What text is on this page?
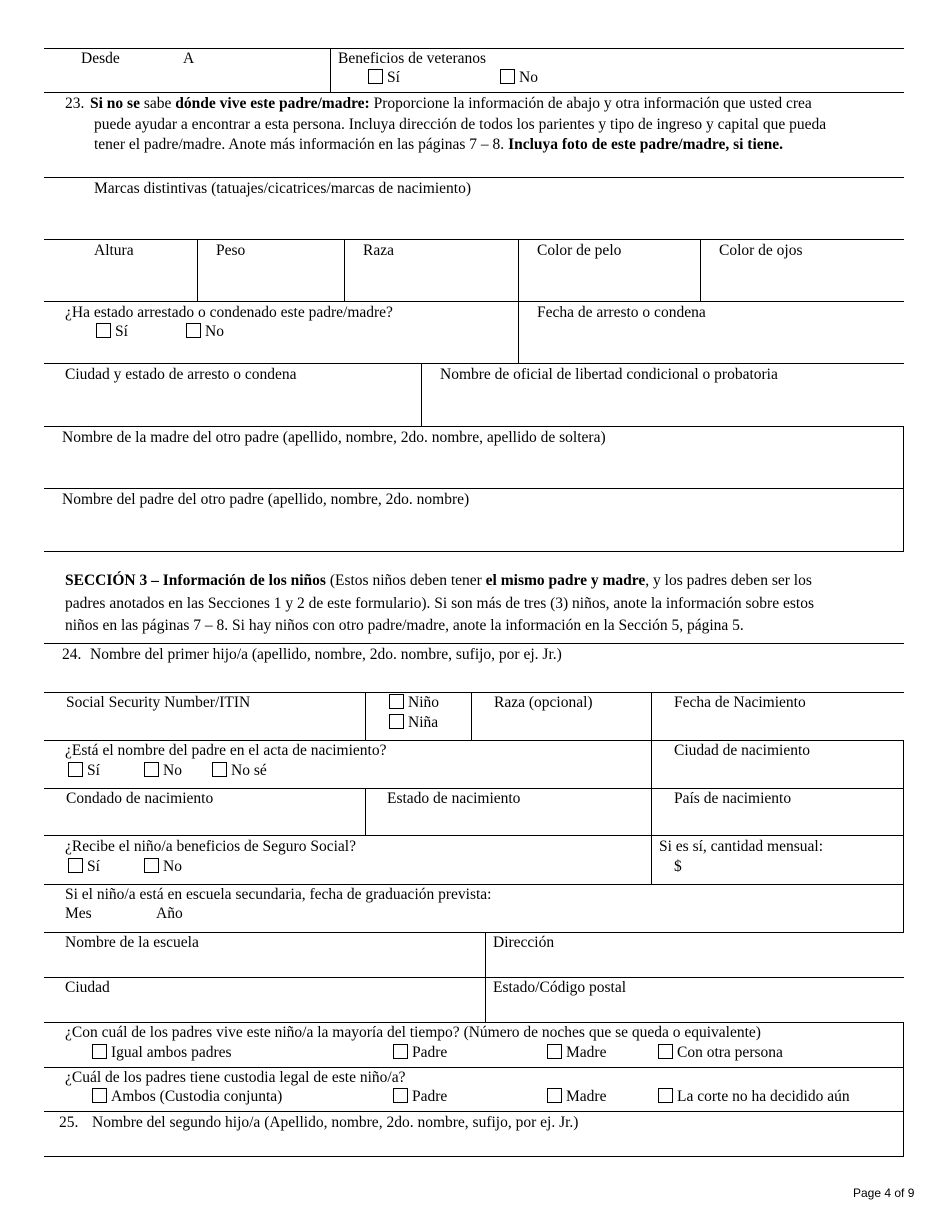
Desde	A	Beneficios de veteranos
Sí	No
23. Si no se sabe dónde vive este padre/madre: Proporcione la información de abajo y otra información que usted crea
puede ayudar a encontrar a esta persona. Incluya dirección de todos los parientes y tipo de ingreso y capital que pueda
tener el padre/madre. Anote más información en las páginas 7 – 8. Incluya foto de este padre/madre, si tiene.
Marcas distintivas (tatuajes/cicatrices/marcas de nacimiento)
Altura	Peso	Raza	Color de pelo	Color de ojos
¿Ha estado arrestado o condenado este padre/madre?
Sí	No
Fecha de arresto o condena
Ciudad y estado de arresto o condena	Nombre de oficial de libertad condicional o probatoria
Nombre de la madre del otro padre (apellido, nombre, 2do. nombre, apellido de soltera)
Nombre del padre del otro padre (apellido, nombre, 2do. nombre)
SECCIÓN 3 – Información de los niños (Estos niños deben tener el mismo padre y madre, y los padres deben ser los
padres anotados en las Secciones 1 y 2 de este formulario). Si son más de tres (3) niños, anote la información sobre estos
niños en las páginas 7 – 8. Si hay niños con otro padre/madre, anote la información en la Sección 5, página 5.
24. Nombre del primer hijo/a (apellido, nombre, 2do. nombre, sufijo, por ej. Jr.)
Social Security Number/ITIN	Niño
Niña
Raza (opcional)	Fecha de Nacimiento
¿Está el nombre del padre en el acta de nacimiento?
Sí	No	No sé
Ciudad de nacimiento
Condado de nacimiento	Estado de nacimiento	País de nacimiento
¿Recibe el niño/a beneficios de Seguro Social?
Sí	No
Si es sí, cantidad mensual:
$
Si el niño/a está en escuela secundaria, fecha de graduación prevista:
Mes	Año
Nombre de la escuela	Dirección
Ciudad	Estado/Código postal
¿Con cuál de los padres vive este niño/a la mayoría del tiempo? (Número de noches que se queda o equivalente)
Igual ambos padres	Padre	Madre	Con otra persona
¿Cuál de los padres tiene custodia legal de este niño/a?
Ambos (Custodia conjunta)	Padre	Madre	La corte no ha decidido aún
25. Nombre del segundo hijo/a (Apellido, nombre, 2do. nombre, sufijo, por ej. Jr.)
Page 4 of 9
